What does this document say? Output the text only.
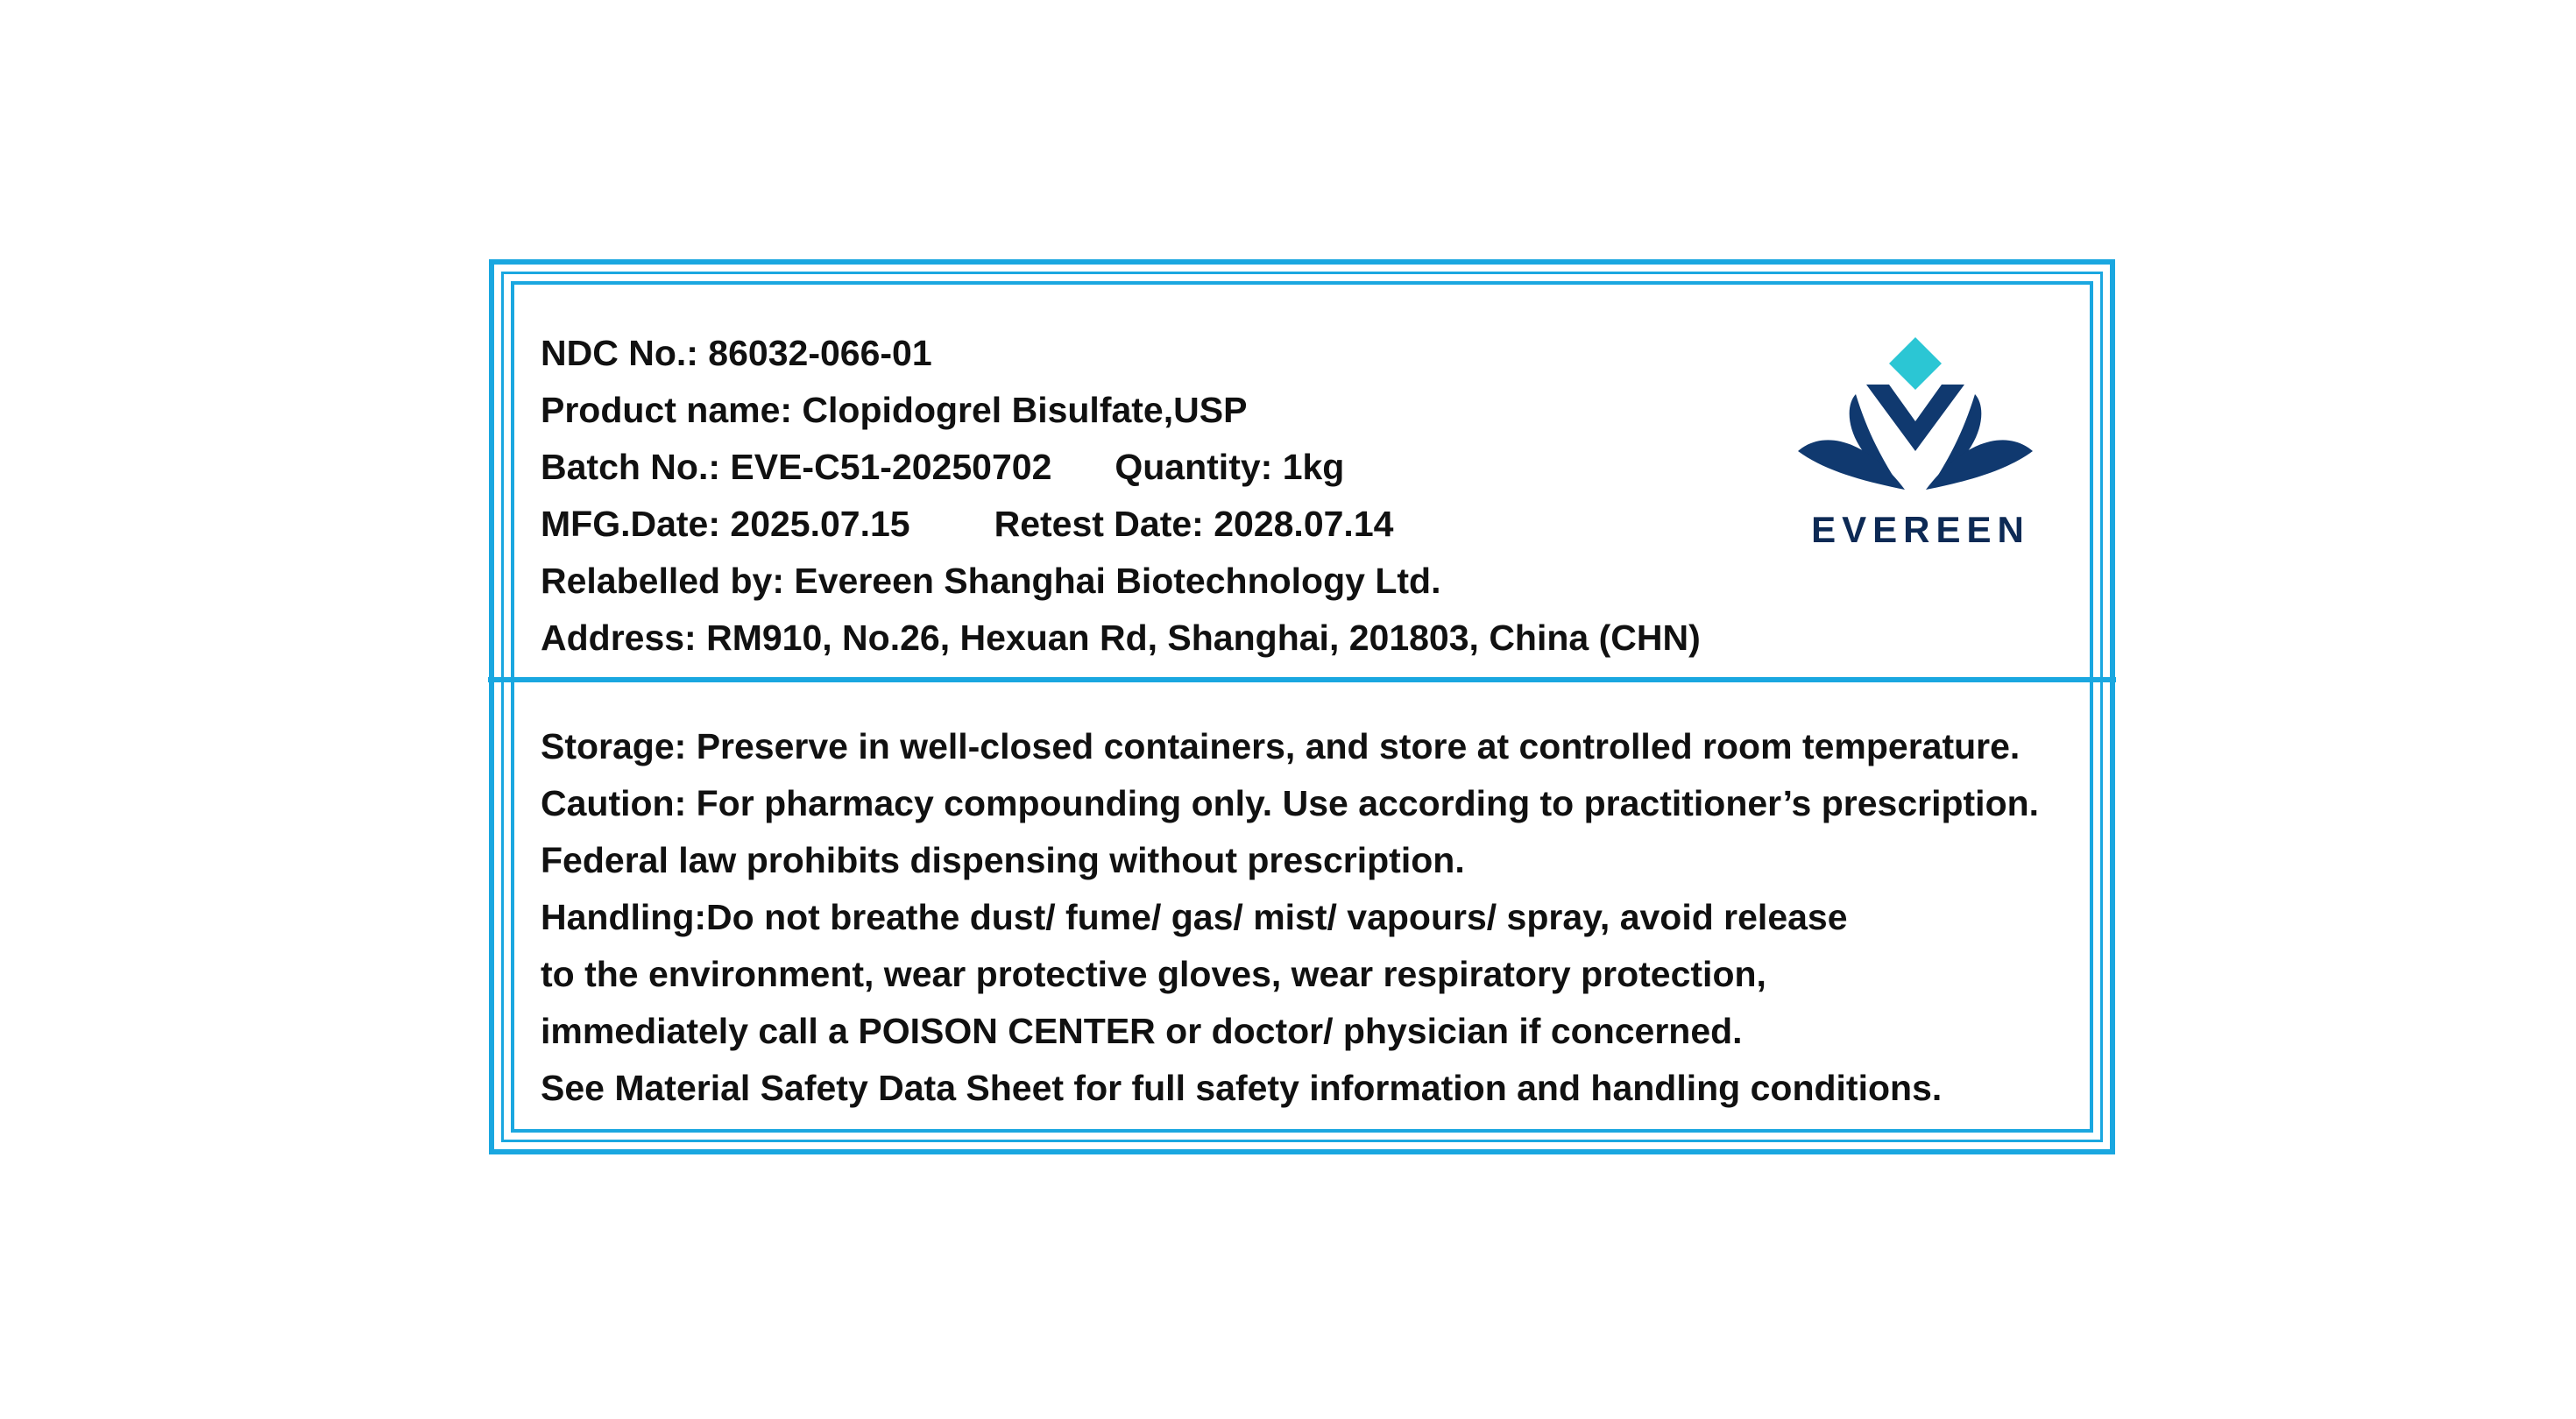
NDC No.: 86032-066-01
Product name: Clopidogrel Bisulfate,USP
Batch No.: EVE-C51-20250702 Quantity: 1kg
MFG.Date: 2025.07.15 Retest Date: 2028.07.14
Relabelled by: Evereen Shanghai Biotechnology Ltd.
Address: RM910, No.26, Hexuan Rd, Shanghai, 201803, China (CHN)
EVEREEN
Storage: Preserve in well-closed containers, and store at controlled room temperature.
Caution: For pharmacy compounding only. Use according to practitioner’s prescription.
Federal law prohibits dispensing without prescription.
Handling:Do not breathe dust/ fume/ gas/ mist/ vapours/ spray, avoid release
to the environment, wear protective gloves, wear respiratory protection,
immediately call a POISON CENTER or doctor/ physician if concerned.
See Material Safety Data Sheet for full safety information and handling conditions.
